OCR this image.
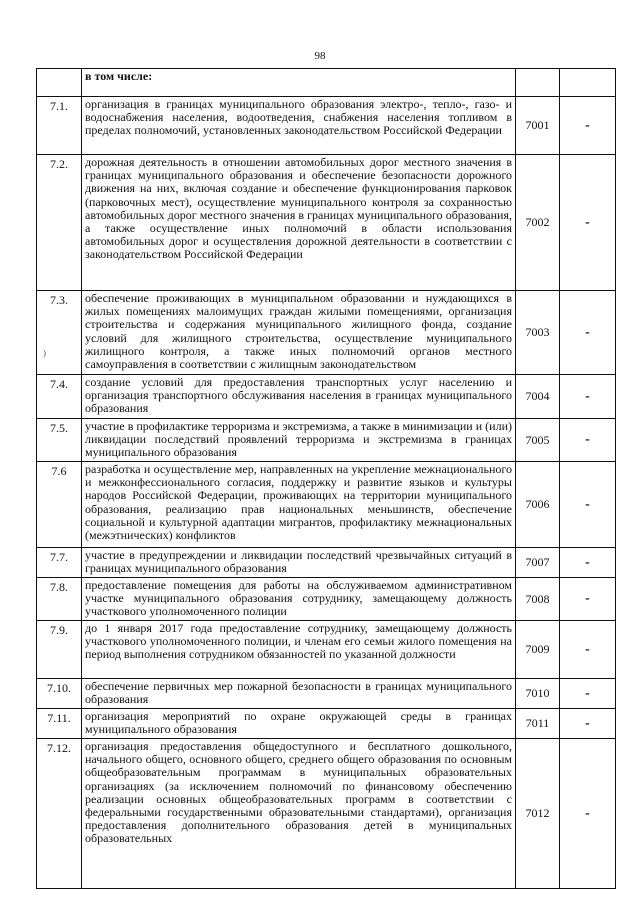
98
)
	в том числе:		
7.1.	организация в границах муниципального образования электро-, тепло-, газо- и водоснабжения населения, водоотведения, снабжения населения топливом в пределах полномочий, установленных законодательством Российской Федерации	7001	-
7.2.	дорожная деятельность в отношении автомобильных дорог местного значения в границах муниципального образования и обеспечение безопасности дорожного движения на них, включая создание и обеспечение функционирования парковок (парковочных мест), осуществление муниципального контроля за сохранностью автомобильных дорог местного значения в границах муниципального образования, а также осуществление иных полномочий в области использования автомобильных дорог и осуществления дорожной деятельности в соответствии с законодательством Российской Федерации	7002	-
7.3.	обеспечение проживающих в муниципальном образовании и нуждающихся в жилых помещениях малоимущих граждан жилыми помещениями, организация строительства и содержания муниципального жилищного фонда, создание условий для жилищного строительства, осуществление муниципального жилищного контроля, а также иных полномочий органов местного самоуправления в соответствии с жилищным законодательством	7003	-
7.4.	создание условий для предоставления транспортных услуг населению и организация транспортного обслуживания населения в границах муниципального образования	7004	-
7.5.	участие в профилактике терроризма и экстремизма, а также в минимизации и (или) ликвидации последствий проявлений терроризма и экстремизма в границах муниципального образования	7005	-
7.6	разработка и осуществление мер, направленных на укрепление межнационального и межконфессионального согласия, поддержку и развитие языков и культуры народов Российской Федерации, проживающих на территории муниципального образования, реализацию прав национальных меньшинств, обеспечение социальной и культурной адаптации мигрантов, профилактику межнациональных (межэтнических) конфликтов	7006	-
7.7.	участие в предупреждении и ликвидации последствий чрезвычайных ситуаций в границах муниципального образования	7007	-
7.8.	предоставление помещения для работы на обслуживаемом административном участке муниципального образования сотруднику, замещающему должность участкового уполномоченного полиции	7008	-
7.9.	до 1 января 2017 года предоставление сотруднику, замещающему должность участкового уполномоченного полиции, и членам его семьи жилого помещения на период выполнения сотрудником обязанностей по указанной должности	7009	-
7.10.	обеспечение первичных мер пожарной безопасности в границах муниципального образования	7010	-
7.11.	организация мероприятий по охране окружающей среды в границах муниципального образования	7011	-
7.12.	организация предоставления общедоступного и бесплатного дошкольного, начального общего, основного общего, среднего общего образования по основным общеобразовательным программам в муниципальных образовательных организациях (за исключением полномочий по финансовому обеспечению реализации основных общеобразовательных программ в соответствии с федеральными государственными образовательными стандартами), организация предоставления дополнительного образования детей в муниципальных образовательных	7012	-
